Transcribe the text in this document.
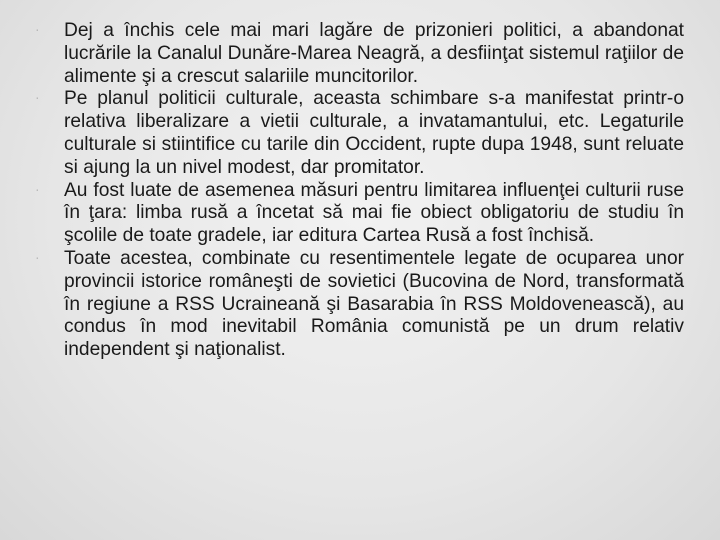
ᐧ Dej a închis cele mai mari lagăre de prizonieri politici, a abandonat lucrările la Canalul Dunăre-Marea Neagră, a desfiinţat sistemul raţiilor de alimente şi a crescut salariile muncitorilor.
ᐧ Pe planul politicii culturale, aceasta schimbare s-a manifestat printr-o relativa liberalizare a vietii culturale, a invatamantului, etc. Legaturile culturale si stiintifice cu tarile din Occident, rupte dupa 1948, sunt reluate si ajung la un nivel modest, dar promitator.
ᐧ Au fost luate de asemenea măsuri pentru limitarea influenţei culturii ruse în ţara: limba rusă a încetat să mai fie obiect obligatoriu de studiu în şcolile de toate gradele, iar editura Cartea Rusă a fost închisă.
ᐧ Toate acestea, combinate cu resentimentele legate de ocuparea unor provincii istorice româneşti de sovietici (Bucovina de Nord, transformată în regiune a RSS Ucraineană şi Basarabia în RSS Moldovenească), au condus în mod inevitabil România comunistă pe un drum relativ independent şi naţionalist.
